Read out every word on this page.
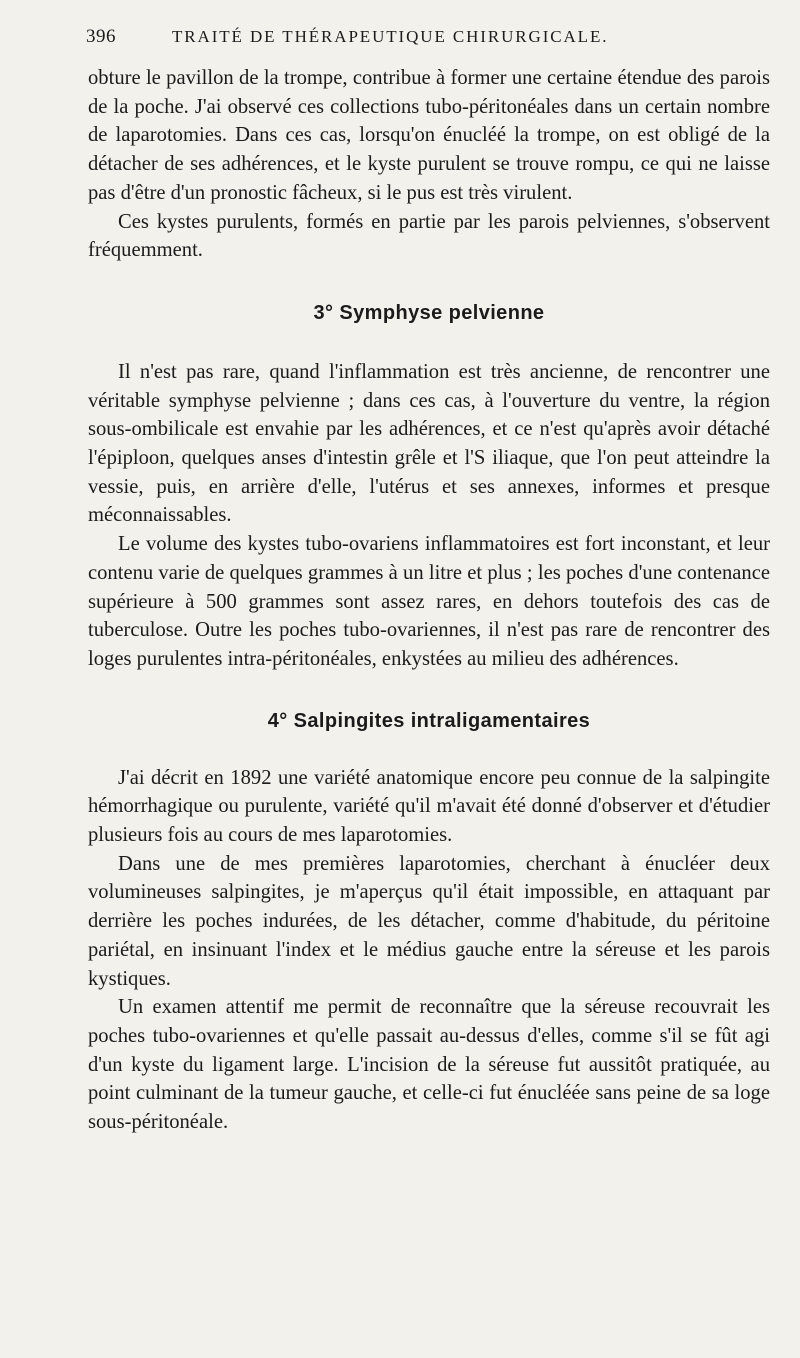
396	TRAITÉ DE THÉRAPEUTIQUE CHIRURGICALE.

obture le pavillon de la trompe, contribue à former une certaine étendue des parois de la poche. J'ai observé ces collections tubo-péritonéales dans un certain nombre de laparotomies. Dans ces cas, lorsqu'on énucléé la trompe, on est obligé de la détacher de ses adhérences, et le kyste purulent se trouve rompu, ce qui ne laisse pas d'être d'un pronostic fâcheux, si le pus est très virulent.

Ces kystes purulents, formés en partie par les parois pelviennes, s'observent fréquemment.

3° Symphyse pelvienne

Il n'est pas rare, quand l'inflammation est très ancienne, de rencontrer une véritable symphyse pelvienne ; dans ces cas, à l'ouverture du ventre, la région sous-ombilicale est envahie par les adhérences, et ce n'est qu'après avoir détaché l'épiploon, quelques anses d'intestin grêle et l'S iliaque, que l'on peut atteindre la vessie, puis, en arrière d'elle, l'utérus et ses annexes, informes et presque méconnaissables.

Le volume des kystes tubo-ovariens inflammatoires est fort inconstant, et leur contenu varie de quelques grammes à un litre et plus ; les poches d'une contenance supérieure à 500 grammes sont assez rares, en dehors toutefois des cas de tuberculose. Outre les poches tubo-ovariennes, il n'est pas rare de rencontrer des loges purulentes intra-péritonéales, enkystées au milieu des adhérences.

4° Salpingites intraligamentaires

J'ai décrit en 1892 une variété anatomique encore peu connue de la salpingite hémorrhagique ou purulente, variété qu'il m'avait été donné d'observer et d'étudier plusieurs fois au cours de mes laparotomies.

Dans une de mes premières laparotomies, cherchant à énucléer deux volumineuses salpingites, je m'aperçus qu'il était impossible, en attaquant par derrière les poches indurées, de les détacher, comme d'habitude, du péritoine pariétal, en insinuant l'index et le médius gauche entre la séreuse et les parois kystiques.

Un examen attentif me permit de reconnaître que la séreuse recouvrait les poches tubo-ovariennes et qu'elle passait au-dessus d'elles, comme s'il se fût agi d'un kyste du ligament large. L'incision de la séreuse fut aussitôt pratiquée, au point culminant de la tumeur gauche, et celle-ci fut énucléée sans peine de sa loge sous-péritonéale.
